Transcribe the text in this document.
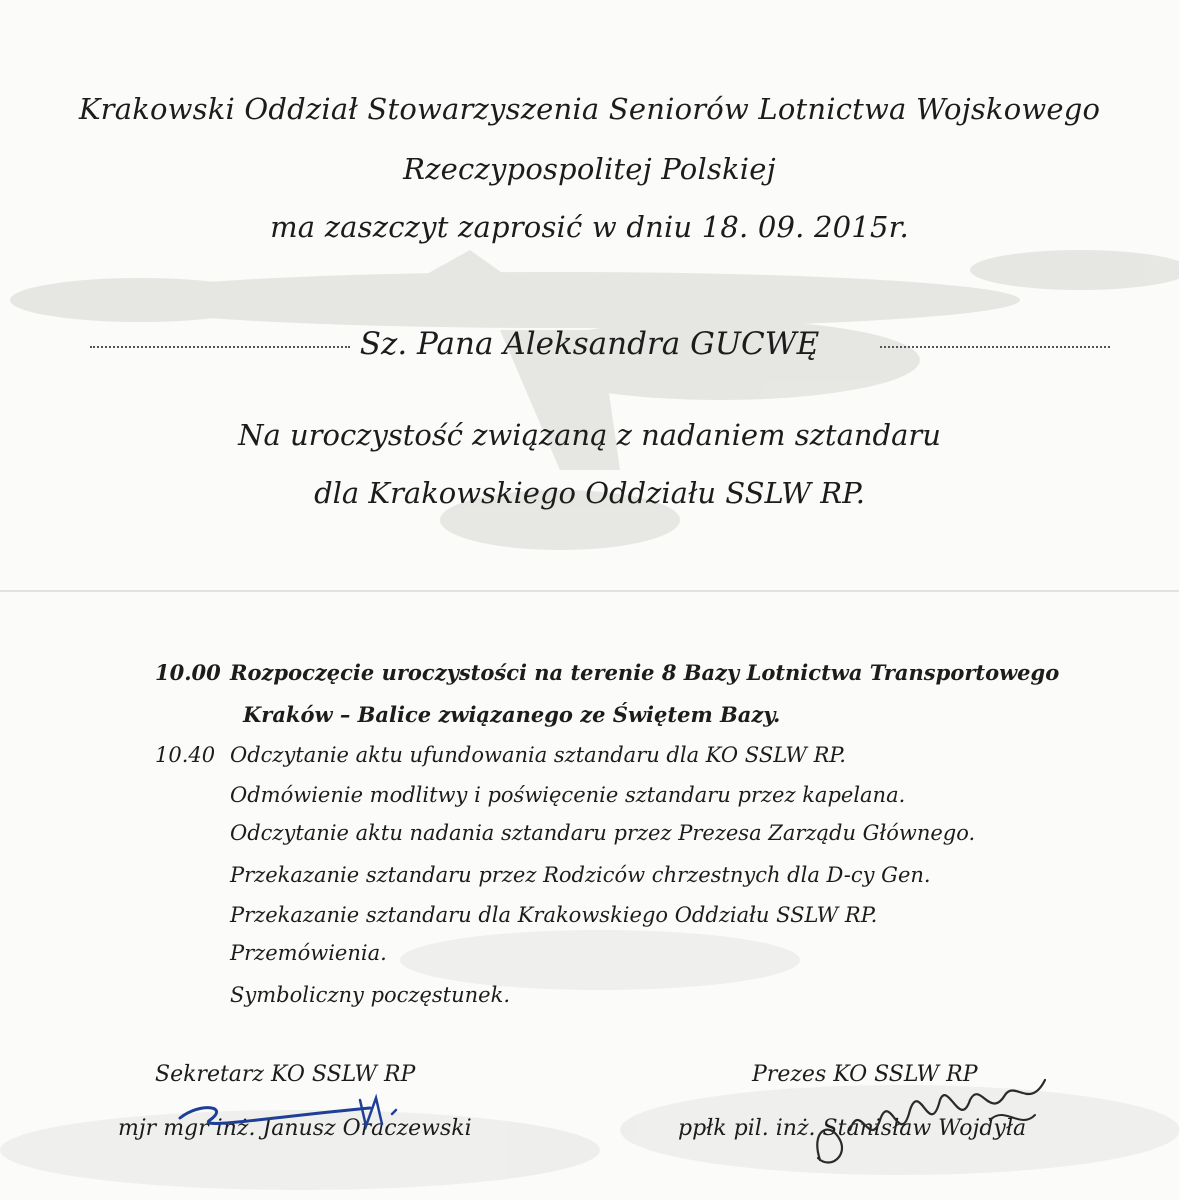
Krakowski Oddział Stowarzyszenia Seniorów Lotnictwa Wojskowego
Rzeczypospolitej Polskiej
ma zaszczyt zaprosić w dniu 18. 09. 2015r.
Sz. Pana Aleksandra GUCWĘ
Na uroczystość związaną z nadaniem sztandaru
dla Krakowskiego Oddziału SSLW RP.
10.00 Rozpoczęcie uroczystości na terenie 8 Bazy Lotnictwa Transportowego
Kraków – Balice związanego ze Świętem Bazy.
10.40 Odczytanie aktu ufundowania sztandaru dla KO SSLW RP.
Odmówienie modlitwy i poświęcenie sztandaru przez kapelana.
Odczytanie aktu nadania sztandaru przez Prezesa Zarządu Głównego.
Przekazanie sztandaru przez Rodziców chrzestnych dla D-cy Gen.
Przekazanie sztandaru dla Krakowskiego Oddziału SSLW RP.
Przemówienia.
Symboliczny poczęstunek.
Sekretarz KO SSLW RP
mjr mgr inż. Janusz Oraczewski
Prezes KO SSLW RP
ppłk pil. inż. Stanisław Wojdyła
